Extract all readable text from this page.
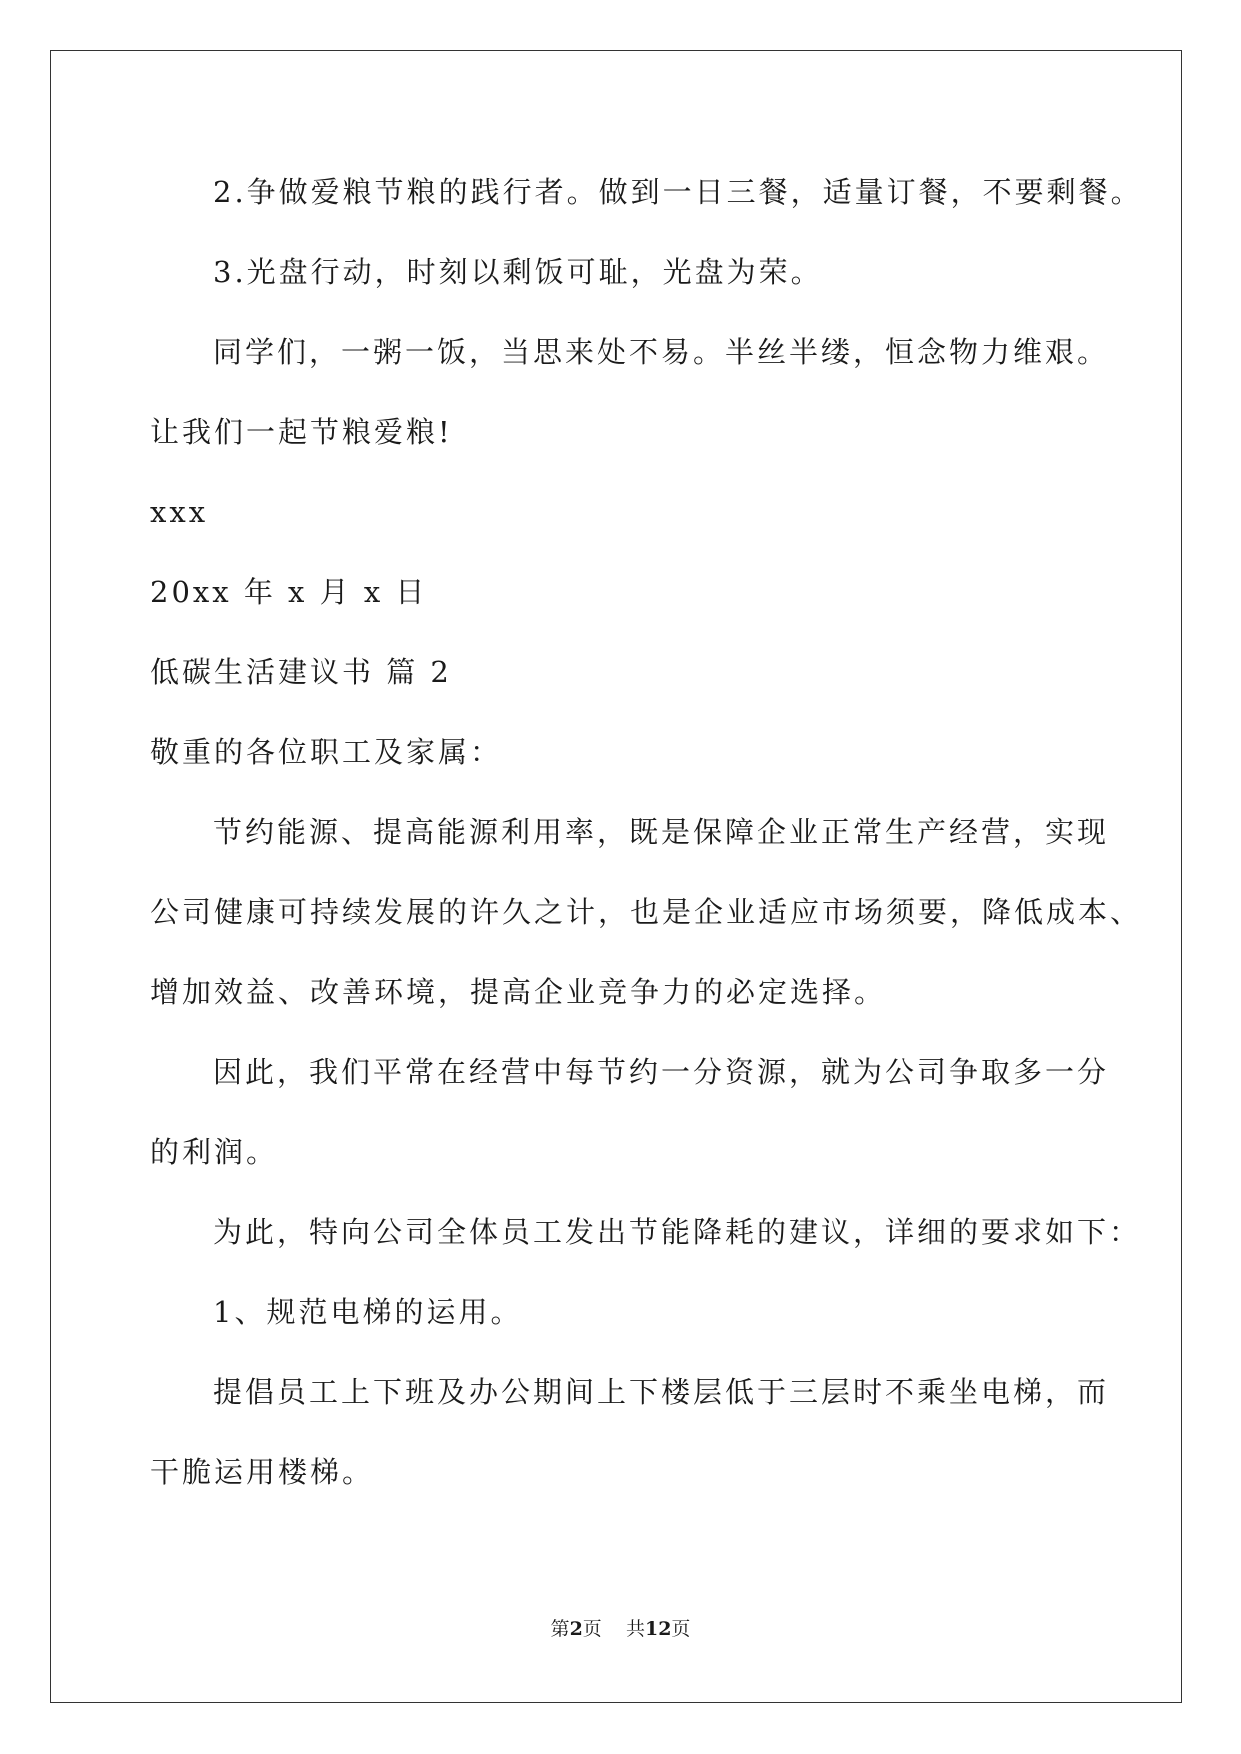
2.争做爱粮节粮的践行者。做到一日三餐，适量订餐，不要剩餐。
3.光盘行动，时刻以剩饭可耻，光盘为荣。
同学们，一粥一饭，当思来处不易。半丝半缕，恒念物力维艰。
让我们一起节粮爱粮!
xxx
20xx 年 x 月 x 日
低碳生活建议书 篇 2
敬重的各位职工及家属：
节约能源、提高能源利用率，既是保障企业正常生产经营，实现
公司健康可持续发展的许久之计，也是企业适应市场须要，降低成本、
增加效益、改善环境，提高企业竞争力的必定选择。
因此，我们平常在经营中每节约一分资源，就为公司争取多一分
的利润。
为此，特向公司全体员工发出节能降耗的建议，详细的要求如下：
1、规范电梯的运用。
提倡员工上下班及办公期间上下楼层低于三层时不乘坐电梯，而
干脆运用楼梯。
第2页    共12页
